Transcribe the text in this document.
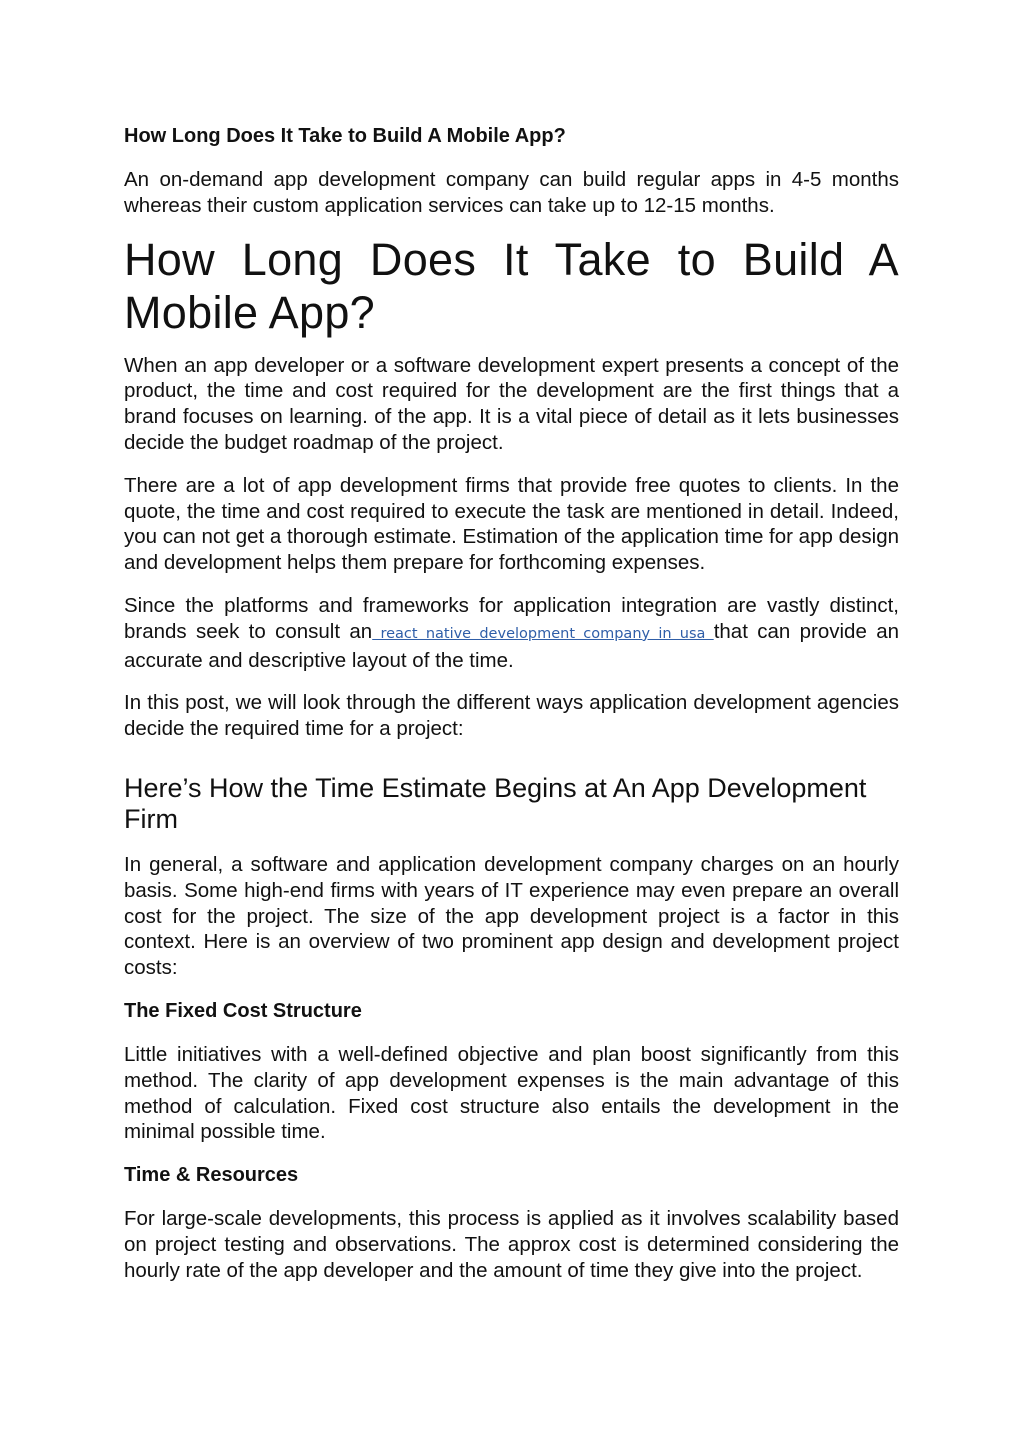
How Long Does It Take to Build A Mobile App?

An on-demand app development company can build regular apps in 4-5 months whereas their custom application services can take up to 12-15 months.

How Long Does It Take to Build A Mobile App?

When an app developer or a software development expert presents a concept of the product, the time and cost required for the development are the first things that a brand focuses on learning. of the app. It is a vital piece of detail as it lets businesses decide the budget roadmap of the project.

There are a lot of app development firms that provide free quotes to clients. In the quote, the time and cost required to execute the task are mentioned in detail. Indeed, you can not get a thorough estimate. Estimation of the application time for app design and development helps them prepare for forthcoming expenses.

Since the platforms and frameworks for application integration are vastly distinct, brands seek to consult an react native development company in usa that can provide an accurate and descriptive layout of the time.

In this post, we will look through the different ways application development agencies decide the required time for a project:

Here’s How the Time Estimate Begins at An App Development Firm

In general, a software and application development company charges on an hourly basis. Some high-end firms with years of IT experience may even prepare an overall cost for the project. The size of the app development project is a factor in this context. Here is an overview of two prominent app design and development project costs:

The Fixed Cost Structure

Little initiatives with a well-defined objective and plan boost significantly from this method. The clarity of app development expenses is the main advantage of this method of calculation. Fixed cost structure also entails the development in the minimal possible time.

Time & Resources

For large-scale developments, this process is applied as it involves scalability based on project testing and observations. The approx cost is determined considering the hourly rate of the app developer and the amount of time they give into the project.
